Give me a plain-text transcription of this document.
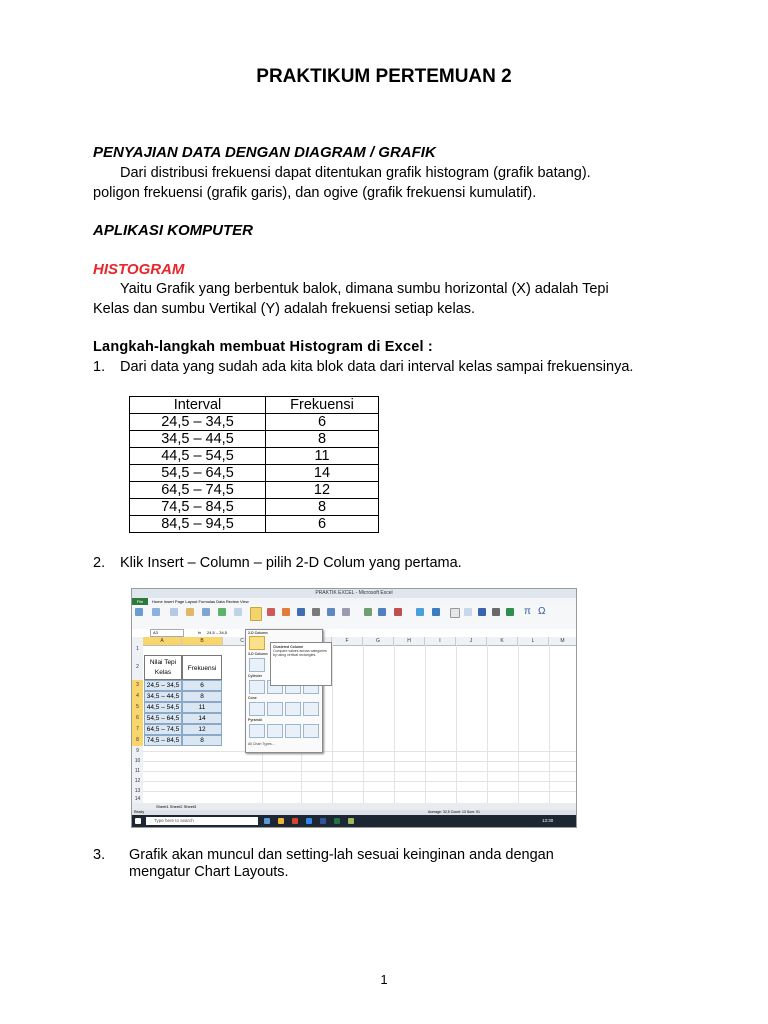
PRAKTIKUM PERTEMUAN 2
PENYAJIAN DATA DENGAN DIAGRAM / GRAFIK
Dari distribusi frekuensi dapat ditentukan grafik histogram (grafik batang).
poligon frekuensi (grafik garis), dan ogive (grafik frekuensi kumulatif).
APLIKASI KOMPUTER
HISTOGRAM
Yaitu Grafik yang berbentuk balok, dimana sumbu horizontal (X) adalah Tepi
Kelas dan sumbu Vertikal (Y) adalah frekuensi setiap kelas.
Langkah-langkah membuat Histogram di Excel :
1. Dari data yang sudah ada kita blok data dari interval kelas sampai frekuensinya.
Interval	Frekuensi
24,5 – 34,5	6
34,5 – 44,5	8
44,5 – 54,5	11
54,5 – 64,5	14
64,5 – 74,5	12
74,5 – 84,5	8
84,5 – 94,5	6
2. Klik Insert – Column – pilih 2-D Colum yang pertama.
PRAKTIK EXCEL - Microsoft Excel
Home Insert Page Layout Formulas Data Review View
File
π Ω
A3	fx 24,5 – 34,5
A	B	C	F	G	H	I	J	K	L	M
1
2
3
4
5
6
7
8
9
10
11
12
13
14
Nilai Tepi Kelas
Frekuensi
24,5 – 34,5	6
34,5 – 44,5	8
44,5 – 54,5	11
54,5 – 64,5	14
64,5 – 74,5	12
74,5 – 84,5	8
2-D Column
3-D Column
Cylinder
Cone
Pyramid
All Chart Types...
Clustered Column
Compare values across categories by using vertical rectangles.
Sheet1 Sheet2 Sheet3
Ready	Average: 32,5 Count: 13 Sum: 91
Type here to search	13:30
3. Grafik akan muncul dan setting-lah sesuai keinginan anda dengan
mengatur Chart Layouts.
1
